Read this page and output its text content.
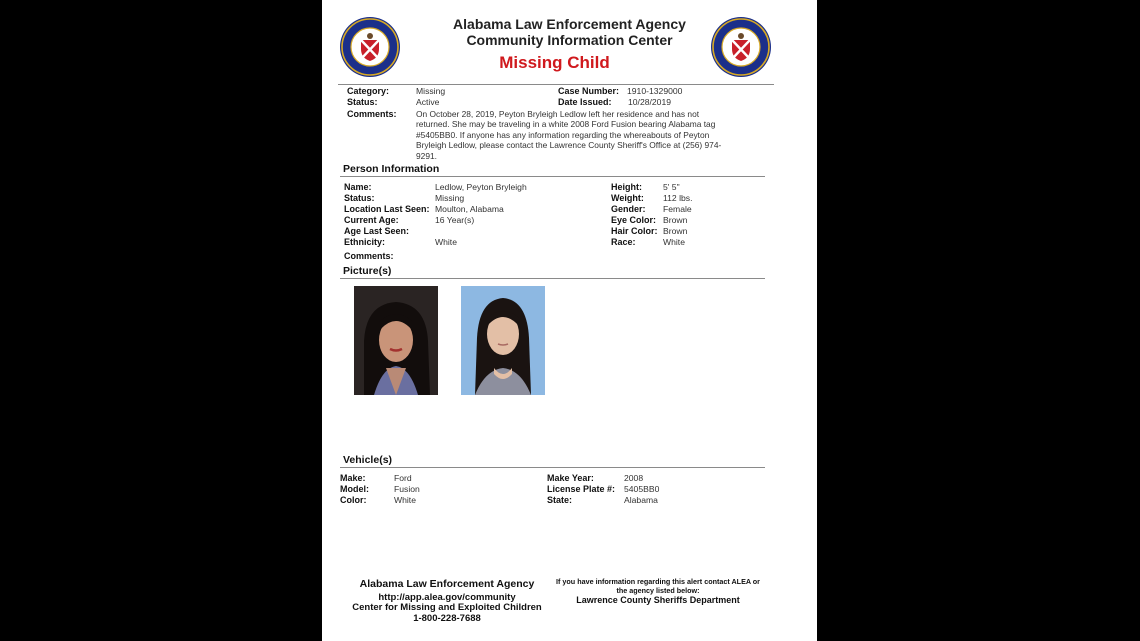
Alabama Law Enforcement Agency
Community Information Center
Missing Child
Category:	Missing
Status:	Active
Comments:
Case Number: 1910-1329000
Date Issued: 10/28/2019
On October 28, 2019, Peyton Bryleigh Ledlow left her residence and has not
returned. She may be traveling in a white 2008 Ford Fusion bearing Alabama tag
#5405BB0. If anyone has any information regarding the whereabouts of Peyton
Bryleigh Ledlow, please contact the Lawrence County Sheriff's Office at (256) 974-
9291.
Person Information
Name:	Ledlow, Peyton Bryleigh
Status:	Missing
Location Last Seen: Moulton, Alabama
Current Age:	16 Year(s)
Age Last Seen:
Ethnicity:	White
Comments:
Height: 5' 5"
Weight: 112 lbs.
Gender: Female
Eye Color: Brown
Hair Color: Brown
Race:	White
Picture(s)
Vehicle(s)
Make:	Ford
Model:	Fusion
Color:	White
Make Year:	2008
License Plate #: 5405BB0
State:	Alabama
Alabama Law Enforcement Agency
http://app.alea.gov/community
Center for Missing and Exploited Children
1-800-228-7688
If you have information regarding this alert contact ALEA or
the agency listed below:
Lawrence County Sheriffs Department
